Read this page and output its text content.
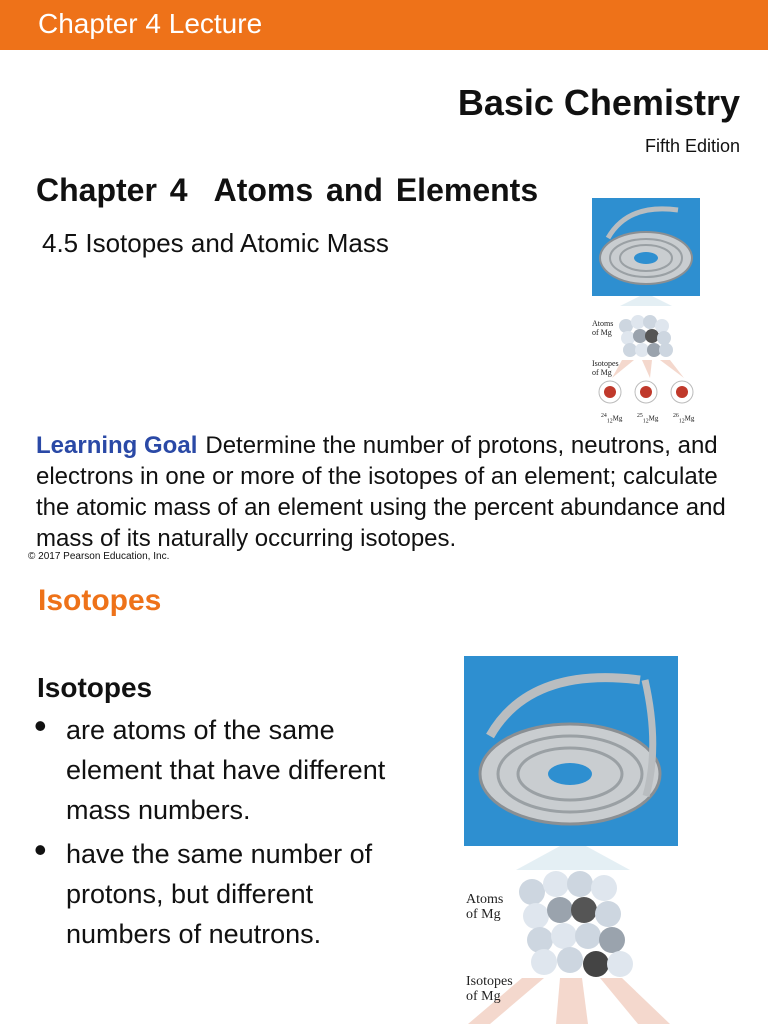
Chapter 4 Lecture
Basic Chemistry
Fifth Edition
Chapter 4 Atoms and Elements
4.5 Isotopes and Atomic Mass
Atoms
of Mg
Isotopes
of Mg
$^{24}_{12}$Mg	$^{25}_{12}$Mg	$^{26}_{12}$Mg
Learning Goal Determine the number of protons, neutrons, and electrons in one or more of the isotopes of an element; calculate the atomic mass of an element using the percent abundance and mass of its naturally occurring isotopes.
© 2017 Pearson Education, Inc.
Isotopes
Isotopes
• are atoms of the same element that have different mass numbers.
• have the same number of protons, but different numbers of neutrons.
Atoms
of Mg
Isotopes
of Mg
